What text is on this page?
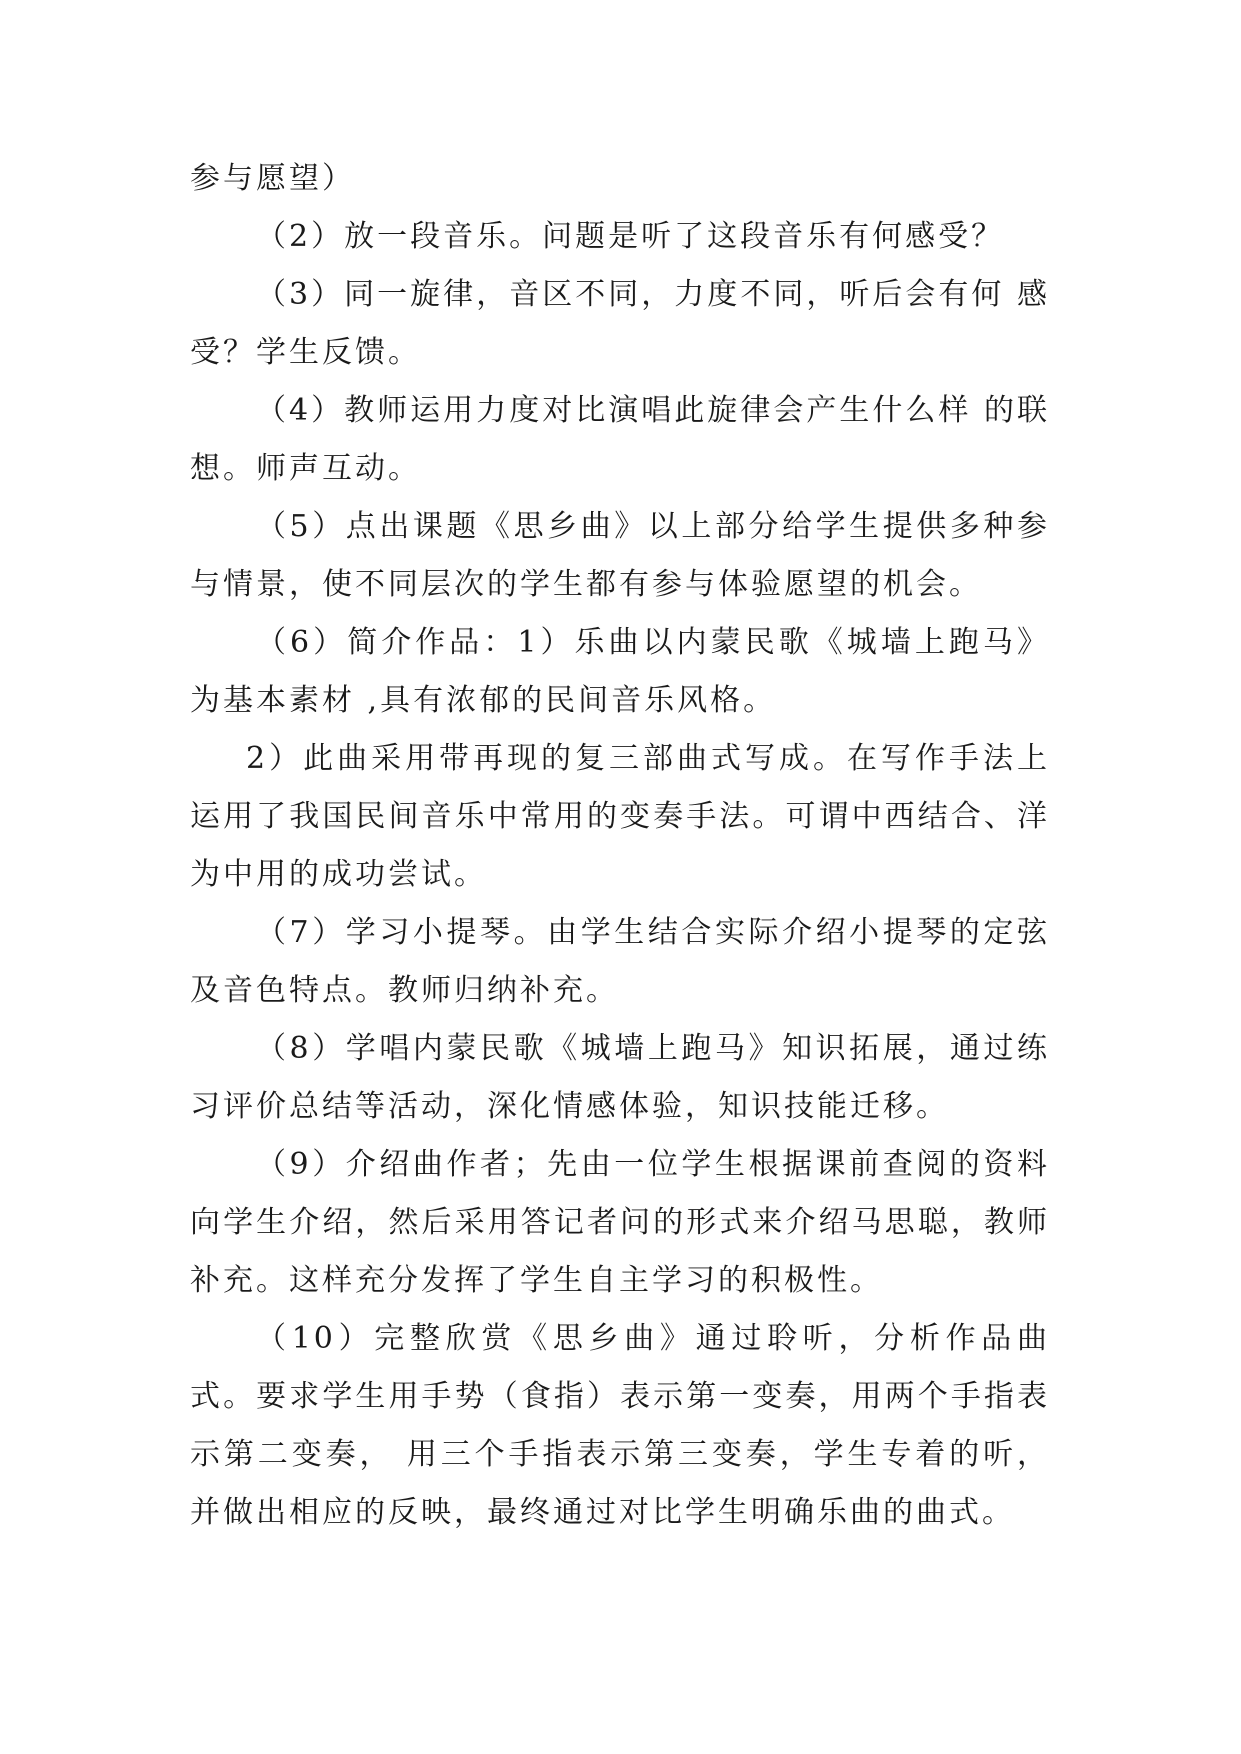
参与愿望）

（2）放一段音乐。问题是听了这段音乐有何感受？

（3）同一旋律，音区不同，力度不同，听后会有何 感受？学生反馈。

（4）教师运用力度对比演唱此旋律会产生什么样 的联想。师声互动。

（5）点出课题《思乡曲》以上部分给学生提供多种参与情景，使不同层次的学生都有参与体验愿望的机会。

（6）简介作品：1）乐曲以内蒙民歌《城墙上跑马》为基本素材 ,具有浓郁的民间音乐风格。

2）此曲采用带再现的复三部曲式写成。在写作手法上运用了我国民间音乐中常用的变奏手法。可谓中西结合、洋为中用的成功尝试。

（7）学习小提琴。由学生结合实际介绍小提琴的定弦及音色特点。教师归纳补充。

（8）学唱内蒙民歌《城墙上跑马》知识拓展，通过练习评价总结等活动，深化情感体验，知识技能迁移。

（9）介绍曲作者；先由一位学生根据课前查阅的资料向学生介绍，然后采用答记者问的形式来介绍马思聪，教师补充。这样充分发挥了学生自主学习的积极性。

（10）完整欣赏《思乡曲》通过聆听，分析作品曲式。要求学生用手势（食指）表示第一变奏，用两个手指表示第二变奏， 用三个手指表示第三变奏，学生专着的听，并做出相应的反映，最终通过对比学生明确乐曲的曲式。
